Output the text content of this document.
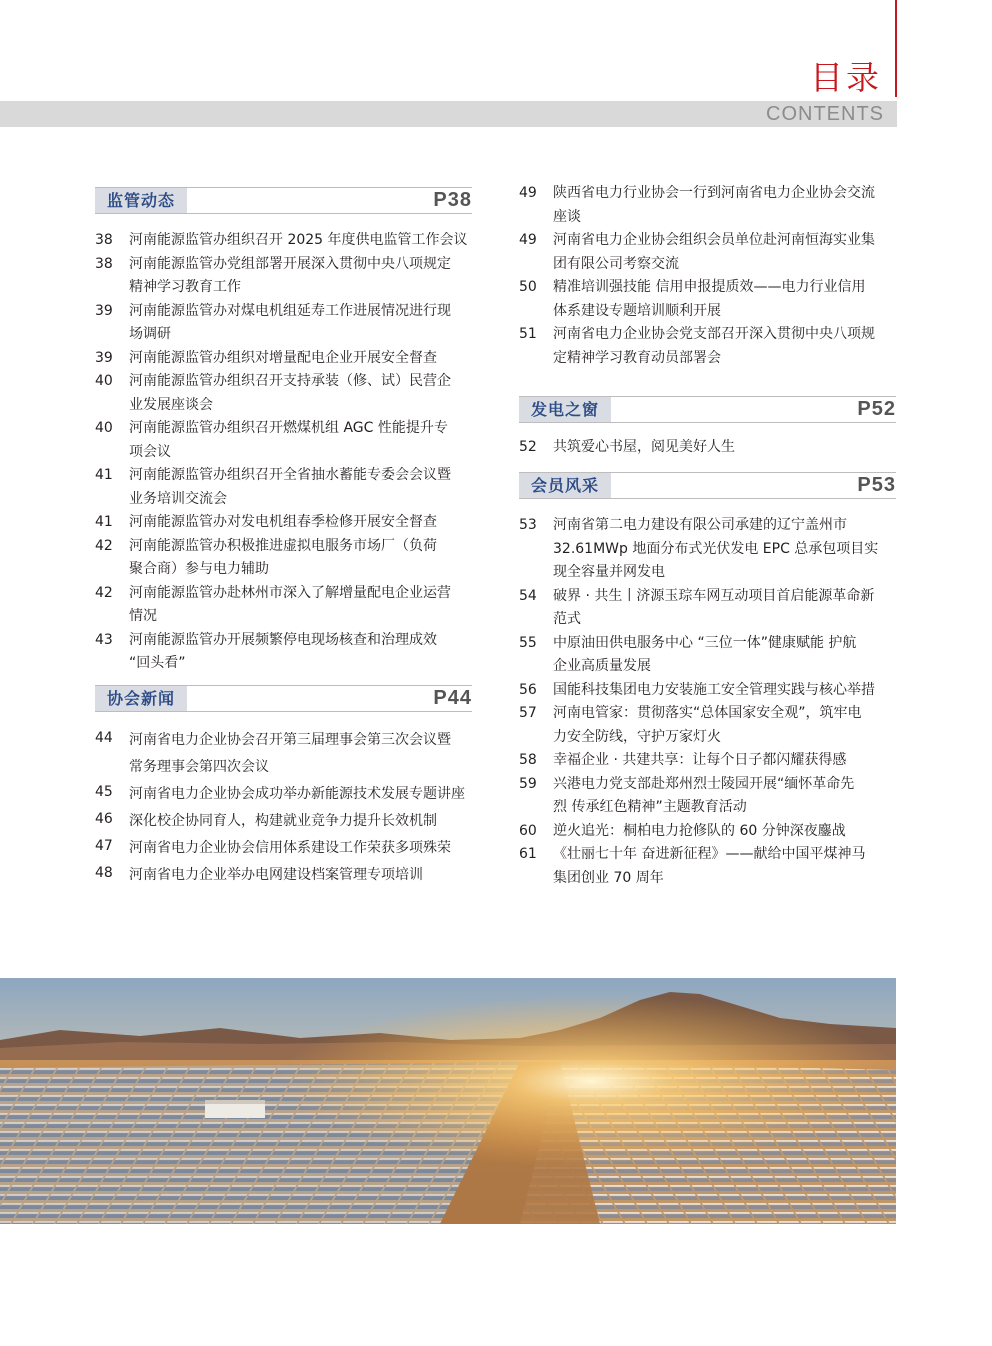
目录
CONTENTS
监管动态	P38
协会新闻	P44
发电之窗	P52
会员风采	P53
38	河南能源监管办组织召开 2025 年度供电监管工作会议
38	河南能源监管办党组部署开展深入贯彻中央八项规定
精神学习教育工作
39	河南能源监管办对煤电机组延寿工作进展情况进行现
场调研
39	河南能源监管办组织对增量配电企业开展安全督查
40	河南能源监管办组织召开支持承装（修、试）民营企
业发展座谈会
40	河南能源监管办组织召开燃煤机组 AGC 性能提升专
项会议
41	河南能源监管办组织召开全省抽水蓄能专委会会议暨
业务培训交流会
41	河南能源监管办对发电机组春季检修开展安全督查
42	河南能源监管办积极推进虚拟电服务市场厂（负荷
聚合商）参与电力辅助
42	河南能源监管办赴林州市深入了解增量配电企业运营
情况
43	河南能源监管办开展频繁停电现场核查和治理成效
“回头看”
44	河南省电力企业协会召开第三届理事会第三次会议暨
常务理事会第四次会议
45	河南省电力企业协会成功举办新能源技术发展专题讲座
46	深化校企协同育人，构建就业竞争力提升长效机制
47	河南省电力企业协会信用体系建设工作荣获多项殊荣
48	河南省电力企业举办电网建设档案管理专项培训
49	陕西省电力行业协会一行到河南省电力企业协会交流
座谈
49	河南省电力企业协会组织会员单位赴河南恒海实业集
团有限公司考察交流
50	精准培训强技能 信用申报提质效——电力行业信用
体系建设专题培训顺利开展
51	河南省电力企业协会党支部召开深入贯彻中央八项规
定精神学习教育动员部署会
52	共筑爱心书屋，阅见美好人生
53	河南省第二电力建设有限公司承建的辽宁盖州市
32.61MWp 地面分布式光伏发电 EPC 总承包项目实
现全容量并网发电
54	破界 · 共生丨济源玉琮车网互动项目首启能源革命新
范式
55	中原油田供电服务中心 “三位一体”健康赋能 护航
企业高质量发展
56	国能科技集团电力安装施工安全管理实践与核心举措
57	河南电管家：贯彻落实“总体国家安全观”，筑牢电
力安全防线，守护万家灯火
58	幸福企业 · 共建共享：让每个日子都闪耀获得感
59	兴港电力党支部赴郑州烈士陵园开展“缅怀革命先
烈 传承红色精神”主题教育活动
60	逆火追光：桐柏电力抢修队的 60 分钟深夜鏖战
61	《壮丽七十年 奋进新征程》——献给中国平煤神马
集团创业 70 周年
